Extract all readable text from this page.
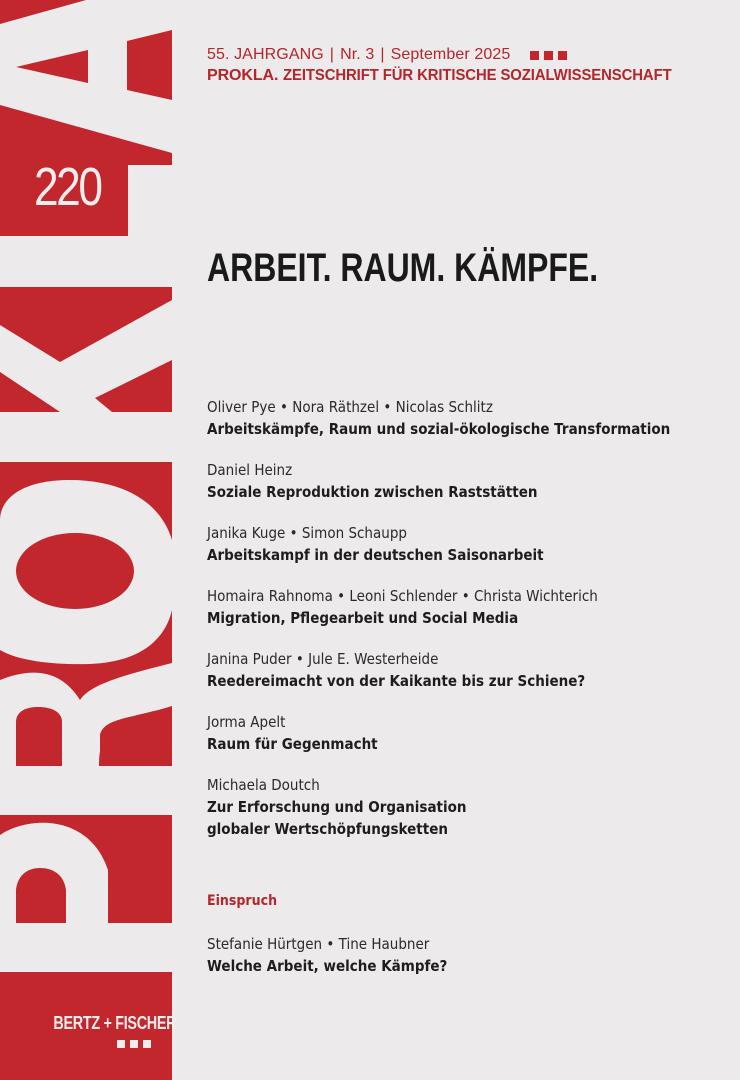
220
BERTZ + FISCHER
55. JAHRGANG | Nr. 3 | September 2025
PROKLA. ZEITSCHRIFT FÜR KRITISCHE SOZIALWISSENSCHAFT
ARBEIT. RAUM. KÄMPFE.
Oliver Pye • Nora Räthzel • Nicolas Schlitz
Arbeitskämpfe, Raum und sozial-ökologische Transformation
Daniel Heinz
Soziale Reproduktion zwischen Raststätten
Janika Kuge • Simon Schaupp
Arbeitskampf in der deutschen Saisonarbeit
Homaira Rahnoma • Leoni Schlender • Christa Wichterich
Migration, Pflegearbeit und Social Media
Janina Puder • Jule E. Westerheide
Reedereimacht von der Kaikante bis zur Schiene?
Jorma Apelt
Raum für Gegenmacht
Michaela Doutch
Zur Erforschung und Organisation globaler Wertschöpfungsketten
Einspruch
Stefanie Hürtgen • Tine Haubner
Welche Arbeit, welche Kämpfe?
